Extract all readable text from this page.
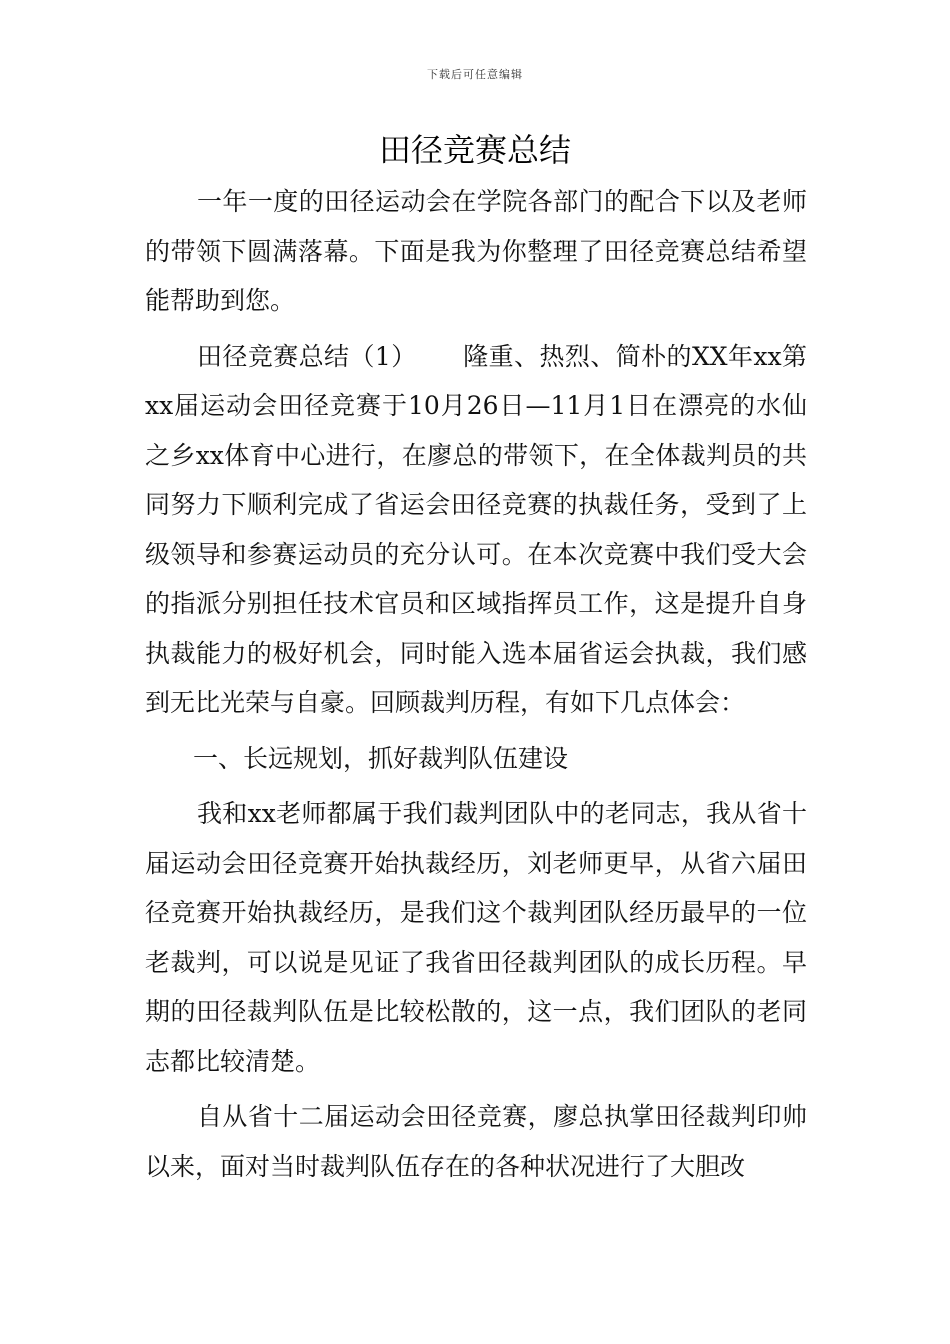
下载后可任意编辑
田径竞赛总结

一年一度的田径运动会在学院各部门的配合下以及老师的带领下圆满落幕。下面是我为你整理了田径竞赛总结希望能帮助到您。

田径竞赛总结（1）　　 隆重、热烈、简朴的XX年xx第xx届运动会田径竞赛于10月26日—11月1日在漂亮的水仙之乡xx体育中心进行，在廖总的带领下，在全体裁判员的共同努力下顺利完成了省运会田径竞赛的执裁任务，受到了上级领导和参赛运动员的充分认可。在本次竞赛中我们受大会的指派分别担任技术官员和区域指挥员工作，这是提升自身执裁能力的极好机会，同时能入选本届省运会执裁，我们感到无比光荣与自豪。回顾裁判历程，有如下几点体会：

一、长远规划，抓好裁判队伍建设

我和xx老师都属于我们裁判团队中的老同志，我从省十届运动会田径竞赛开始执裁经历，刘老师更早，从省六届田径竞赛开始执裁经历，是我们这个裁判团队经历最早的一位老裁判，可以说是见证了我省田径裁判团队的成长历程。早期的田径裁判队伍是比较松散的，这一点，我们团队的老同志都比较清楚。

自从省十二届运动会田径竞赛，廖总执掌田径裁判印帅以来，面对当时裁判队伍存在的各种状况进行了大胆改
